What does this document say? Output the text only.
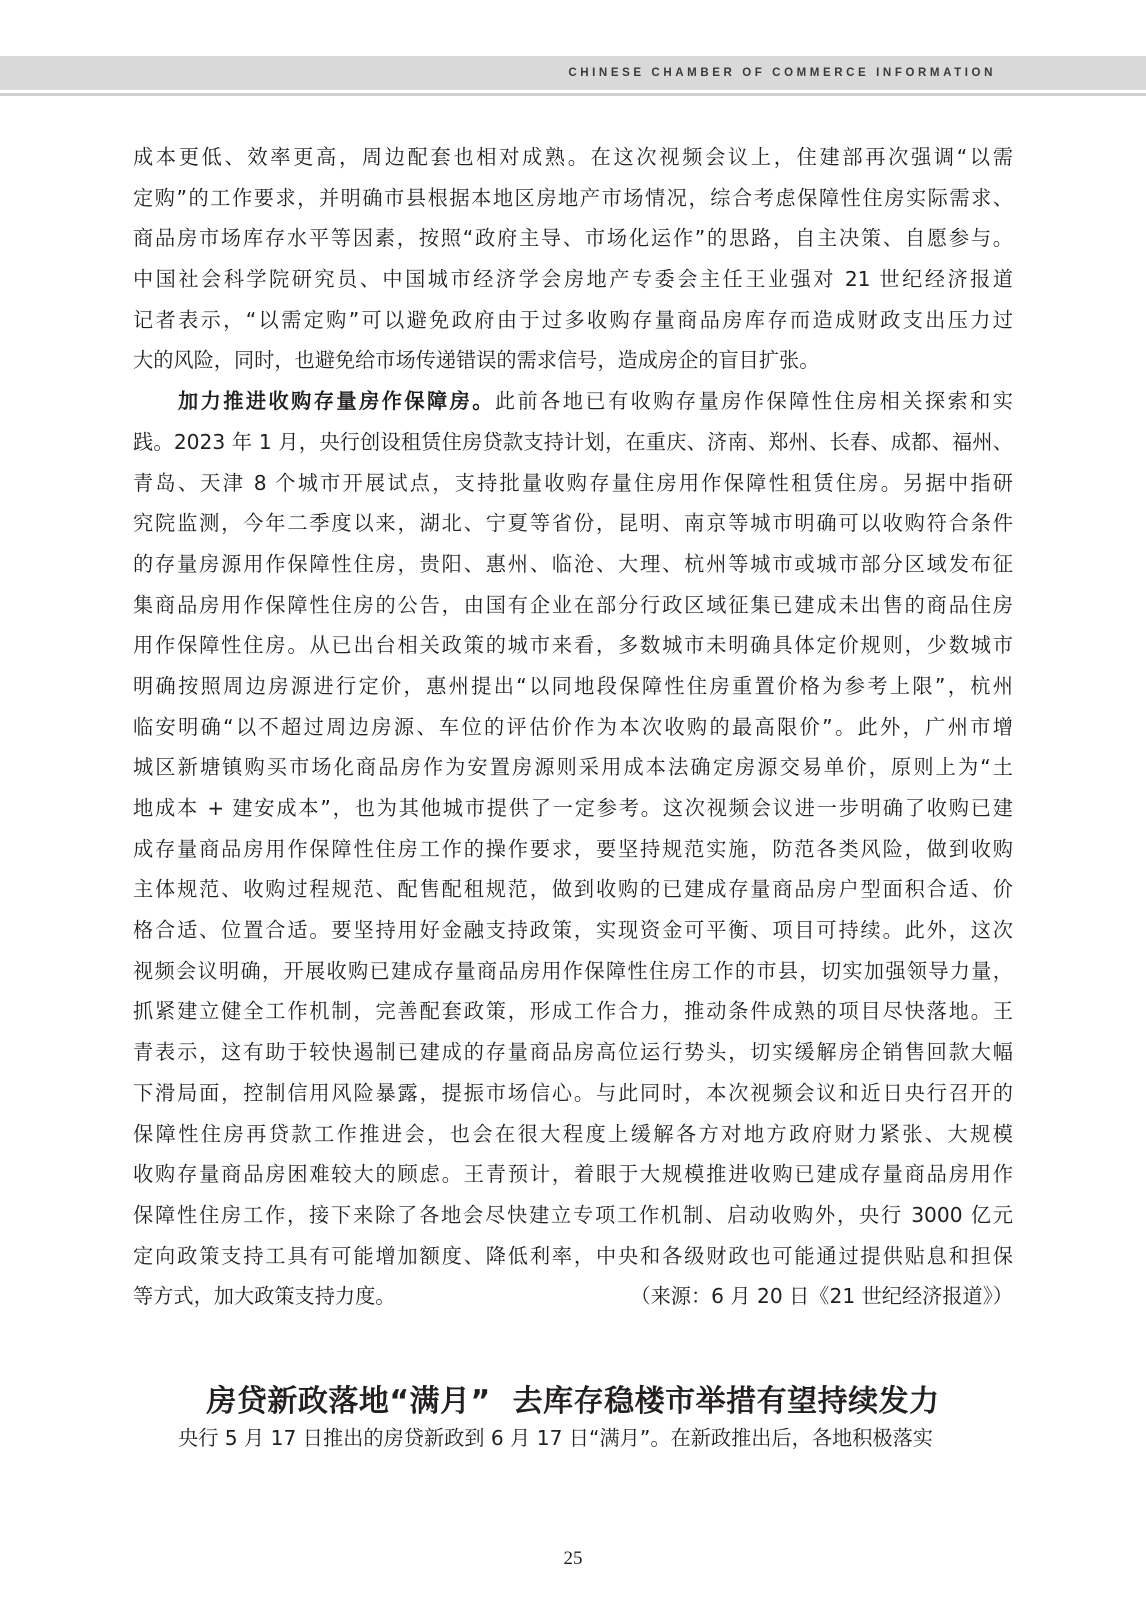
CHINESE CHAMBER OF COMMERCE INFORMATION
成本更低、效率更高，周边配套也相对成熟。在这次视频会议上，住建部再次强调“以需
定购”的工作要求，并明确市县根据本地区房地产市场情况，综合考虑保障性住房实际需求、
商品房市场库存水平等因素，按照“政府主导、市场化运作”的思路，自主决策、自愿参与。
中国社会科学院研究员、中国城市经济学会房地产专委会主任王业强对 21 世纪经济报道
记者表示，“以需定购”可以避免政府由于过多收购存量商品房库存而造成财政支出压力过
大的风险，同时，也避免给市场传递错误的需求信号，造成房企的盲目扩张。
加力推进收购存量房作保障房。此前各地已有收购存量房作保障性住房相关探索和实
践。2023 年 1 月，央行创设租赁住房贷款支持计划，在重庆、济南、郑州、长春、成都、福州、
青岛、天津 8 个城市开展试点，支持批量收购存量住房用作保障性租赁住房。另据中指研
究院监测，今年二季度以来，湖北、宁夏等省份，昆明、南京等城市明确可以收购符合条件
的存量房源用作保障性住房，贵阳、惠州、临沧、大理、杭州等城市或城市部分区域发布征
集商品房用作保障性住房的公告，由国有企业在部分行政区域征集已建成未出售的商品住房
用作保障性住房。从已出台相关政策的城市来看，多数城市未明确具体定价规则，少数城市
明确按照周边房源进行定价，惠州提出“以同地段保障性住房重置价格为参考上限”，杭州
临安明确“以不超过周边房源、车位的评估价作为本次收购的最高限价”。此外，广州市增
城区新塘镇购买市场化商品房作为安置房源则采用成本法确定房源交易单价，原则上为“土
地成本 + 建安成本”，也为其他城市提供了一定参考。这次视频会议进一步明确了收购已建
成存量商品房用作保障性住房工作的操作要求，要坚持规范实施，防范各类风险，做到收购
主体规范、收购过程规范、配售配租规范，做到收购的已建成存量商品房户型面积合适、价
格合适、位置合适。要坚持用好金融支持政策，实现资金可平衡、项目可持续。此外，这次
视频会议明确，开展收购已建成存量商品房用作保障性住房工作的市县，切实加强领导力量，
抓紧建立健全工作机制，完善配套政策，形成工作合力，推动条件成熟的项目尽快落地。王
青表示，这有助于较快遏制已建成的存量商品房高位运行势头，切实缓解房企销售回款大幅
下滑局面，控制信用风险暴露，提振市场信心。与此同时，本次视频会议和近日央行召开的
保障性住房再贷款工作推进会，也会在很大程度上缓解各方对地方政府财力紧张、大规模
收购存量商品房困难较大的顾虑。王青预计，着眼于大规模推进收购已建成存量商品房用作
保障性住房工作，接下来除了各地会尽快建立专项工作机制、启动收购外，央行 3000 亿元
定向政策支持工具有可能增加额度、降低利率，中央和各级财政也可能通过提供贴息和担保
等方式，加大政策支持力度。	（来源：6 月 20 日《21 世纪经济报道》）
房贷新政落地“满月”  去库存稳楼市举措有望持续发力
央行 5 月 17 日推出的房贷新政到 6 月 17 日“满月”。在新政推出后，各地积极落实
25
